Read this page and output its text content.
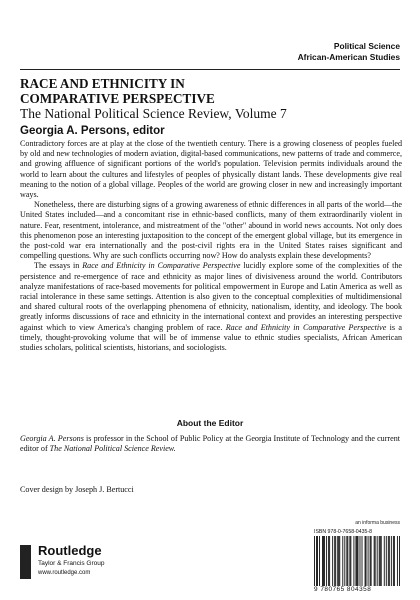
Political Science
African-American Studies
RACE AND ETHNICITY IN
COMPARATIVE PERSPECTIVE
The National Political Science Review, Volume 7
Georgia A. Persons, editor

Contradictory forces are at play at the close of the twentieth century. There is a growing closeness of peoples fueled by old and new technologies of modern aviation, digital-based communications, new patterns of trade and commerce, and growing affluence of significant portions of the world's population. Television permits individuals around the world to learn about the cultures and lifestyles of peoples of physically distant lands. These developments give real meaning to the notion of a global village. Peoples of the world are growing closer in new and increasingly important ways.

Nonetheless, there are disturbing signs of a growing awareness of ethnic differences in all parts of the world—the United States included—and a concomitant rise in ethnic-based conflicts, many of them extraordinarily violent in nature. Fear, resentment, intolerance, and mistreatment of the "other" abound in world news accounts. Not only does this phenomenon pose an interesting juxtaposition to the concept of the emergent global village, but its emergence in the post-cold war era internationally and the post-civil rights era in the United States raises significant and compelling questions. Why are such conflicts occurring now? How do analysts explain these developments?

The essays in Race and Ethnicity in Comparative Perspective lucidly explore some of the complexities of the persistence and re-emergence of race and ethnicity as major lines of divisiveness around the world. Contributors analyze manifestations of race-based movements for political empowerment in Europe and Latin America as well as racial intolerance in these same settings. Attention is also given to the conceptual complexities of multidimensional and shared cultural roots of the overlapping phenomena of ethnicity, nationalism, identity, and ideology. The book greatly informs discussions of race and ethnicity in the international context and provides an interesting perspective against which to view America's changing problem of race. Race and Ethnicity in Comparative Perspective is a timely, thought-provoking volume that will be of immense value to ethnic studies specialists, African American studies scholars, political scientists, historians, and sociologists.

About the Editor
Georgia A. Persons is professor in the School of Public Policy at the Georgia Institute of Technology and the current editor of The National Political Science Review.
Cover design by Joseph J. Bertucci
Routledge
Taylor & Francis Group
www.routledge.com
an informa business
ISBN 978-0-7658-0435-8
9 780765 804358
